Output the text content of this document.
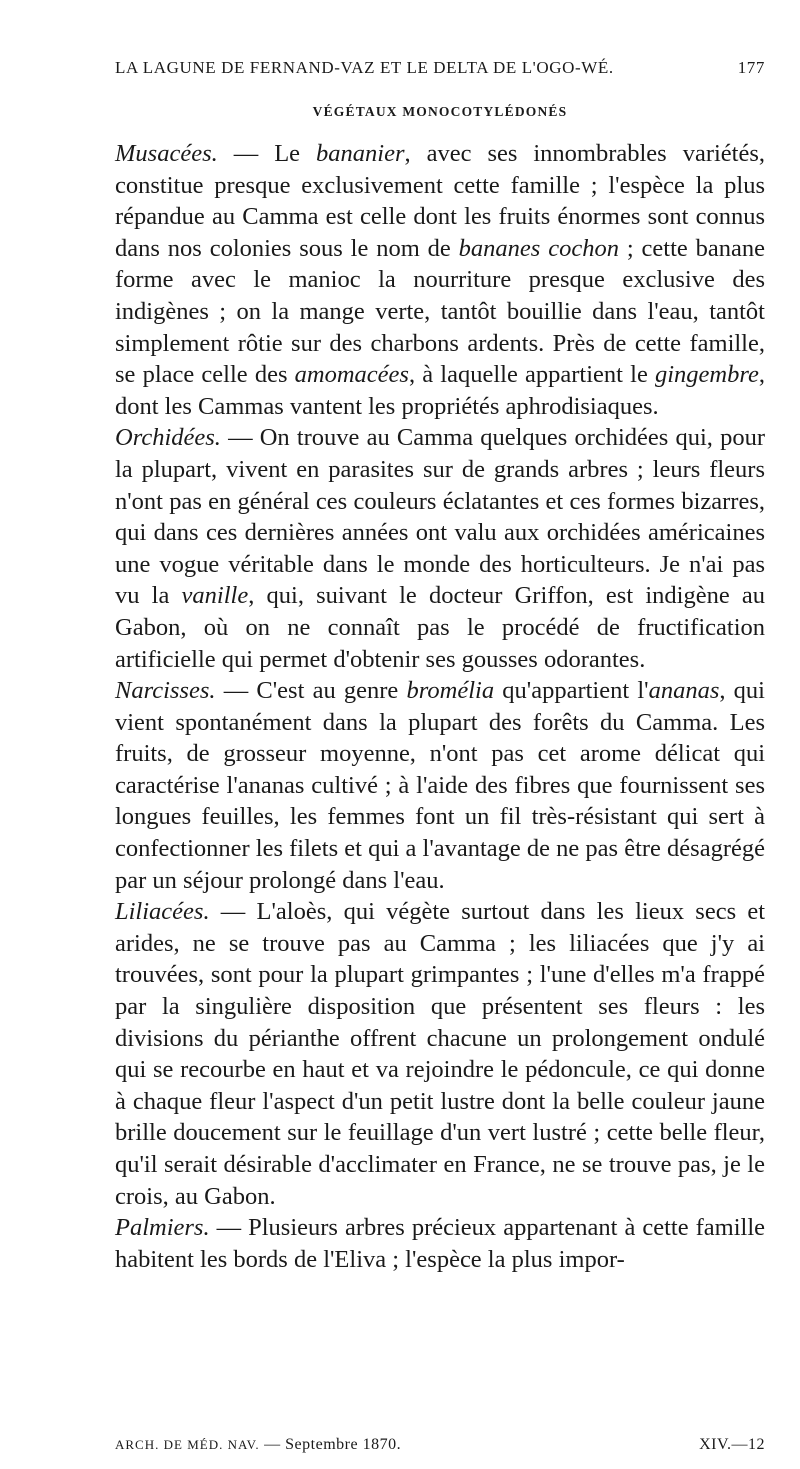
LA LAGUNE DE FERNAND-VAZ ET LE DELTA DE L'OGO-WÉ.	177
VÉGÉTAUX MONOCOTYLÉDONÉS

Musacées. — Le bananier, avec ses innombrables variétés, constitue presque exclusivement cette famille ; l'espèce la plus répandue au Camma est celle dont les fruits énormes sont connus dans nos colonies sous le nom de bananes cochon ; cette banane forme avec le manioc la nourriture presque exclusive des indigènes ; on la mange verte, tantôt bouillie dans l'eau, tantôt simplement rôtie sur des charbons ardents. Près de cette famille, se place celle des amomacées, à laquelle appartient le gingembre, dont les Cammas vantent les propriétés aphrodisiaques.

Orchidées. — On trouve au Camma quelques orchidées qui, pour la plupart, vivent en parasites sur de grands arbres ; leurs fleurs n'ont pas en général ces couleurs éclatantes et ces formes bizarres, qui dans ces dernières années ont valu aux orchidées américaines une vogue véritable dans le monde des horticulteurs. Je n'ai pas vu la vanille, qui, suivant le docteur Griffon, est indigène au Gabon, où on ne connaît pas le procédé de fructification artificielle qui permet d'obtenir ses gousses odorantes.

Narcisses. — C'est au genre bromélia qu'appartient l'ananas, qui vient spontanément dans la plupart des forêts du Camma. Les fruits, de grosseur moyenne, n'ont pas cet arome délicat qui caractérise l'ananas cultivé ; à l'aide des fibres que fournissent ses longues feuilles, les femmes font un fil très-résistant qui sert à confectionner les filets et qui a l'avantage de ne pas être désagrégé par un séjour prolongé dans l'eau.

Liliacées. — L'aloès, qui végète surtout dans les lieux secs et arides, ne se trouve pas au Camma ; les liliacées que j'y ai trouvées, sont pour la plupart grimpantes ; l'une d'elles m'a frappé par la singulière disposition que présentent ses fleurs : les divisions du périanthe offrent chacune un prolongement ondulé qui se recourbe en haut et va rejoindre le pédoncule, ce qui donne à chaque fleur l'aspect d'un petit lustre dont la belle couleur jaune brille doucement sur le feuillage d'un vert lustré ; cette belle fleur, qu'il serait désirable d'acclimater en France, ne se trouve pas, je le crois, au Gabon.

Palmiers. — Plusieurs arbres précieux appartenant à cette famille habitent les bords de l'Eliva ; l'espèce la plus impor-

ARCH. DE MÉD. NAV. — Septembre 1870.	XIV.—12
